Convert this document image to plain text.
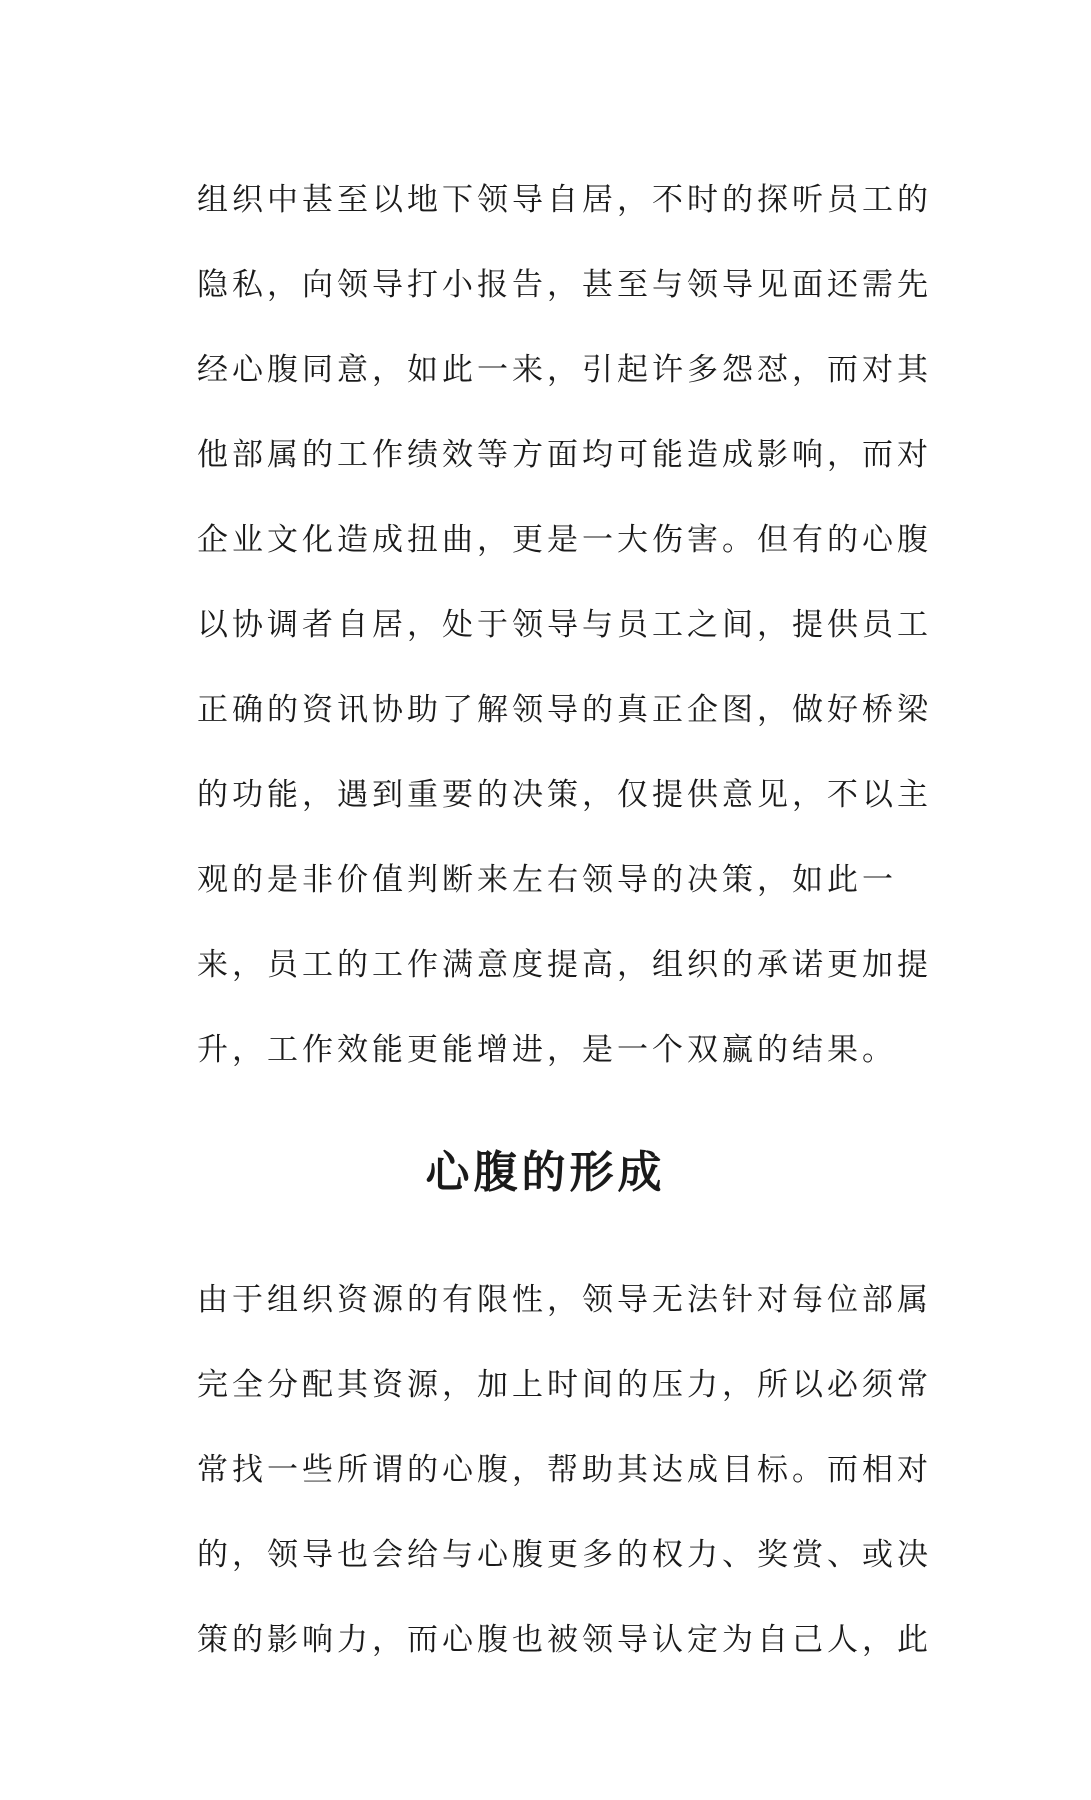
组织中甚至以地下领导自居，不时的探听员工的
隐私，向领导打小报告，甚至与领导见面还需先
经心腹同意，如此一来，引起许多怨怼，而对其
他部属的工作绩效等方面均可能造成影响，而对
企业文化造成扭曲，更是一大伤害。但有的心腹
以协调者自居，处于领导与员工之间，提供员工
正确的资讯协助了解领导的真正企图，做好桥梁
的功能，遇到重要的决策，仅提供意见，不以主
观的是非价值判断来左右领导的决策，如此一
来，员工的工作满意度提高，组织的承诺更加提
升，工作效能更能增进，是一个双赢的结果。
心腹的形成
由于组织资源的有限性，领导无法针对每位部属
完全分配其资源，加上时间的压力，所以必须常
常找一些所谓的心腹，帮助其达成目标。而相对
的，领导也会给与心腹更多的权力、奖赏、或决
策的影响力，而心腹也被领导认定为自己人，此
